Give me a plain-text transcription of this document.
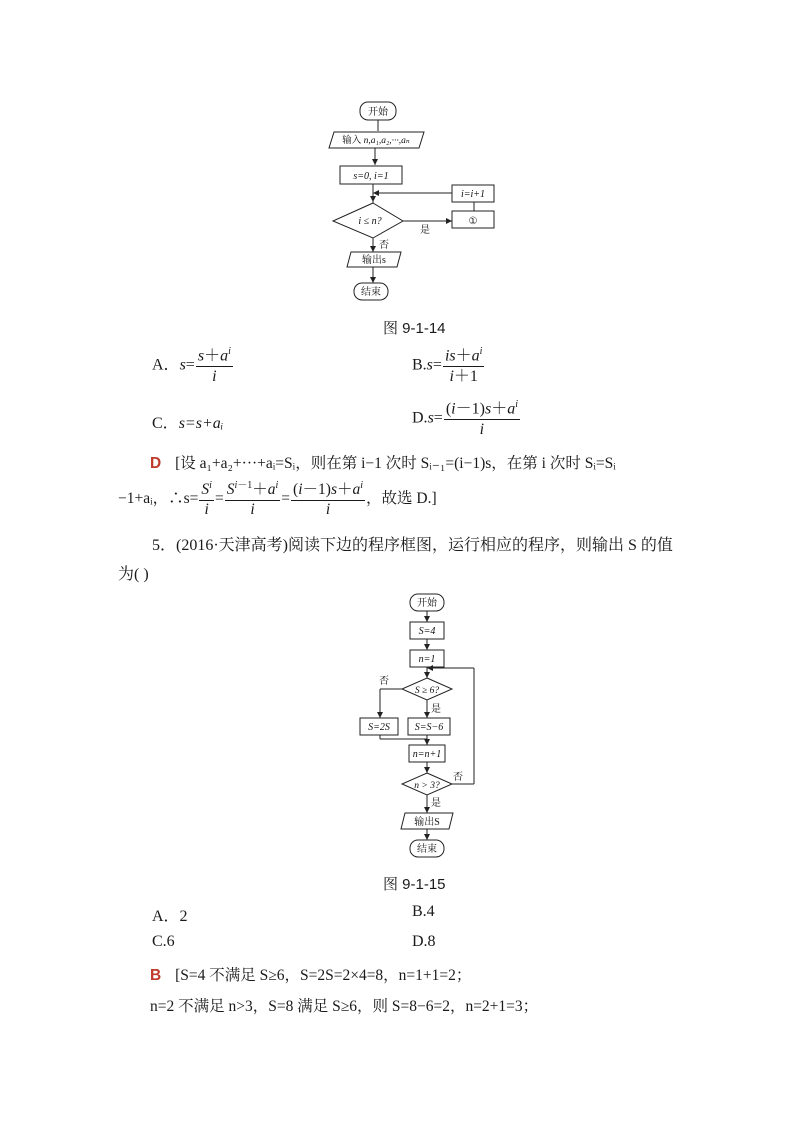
开始
输入 n,a₁,a₂,···,aₙ
s=0, i=1
i ≤ n?
是
否
①
i=i+1
输出s
结束
图 9-1-14
A．$s= \frac{s+a^i}{i}$	$B.s= \frac{is+a^i}{i+1}$
C．s=s+aᵢ	$D.s= \frac{(i-1)s+a^i}{i}$
D [设 a₁+a₂+···+aᵢ=Sᵢ，则在第 i−1 次时 Sᵢ₋₁=(i−1)s，在第 i 次时 Sᵢ=Sᵢ
−1+aᵢ，∴s= $\frac{S^i}{i} = \frac{S^{i-1}+a^i}{i} = \frac{(i-1)s+a^i}{i}$ ，故选 D.]
5．(2016·天津高考)阅读下边的程序框图，运行相应的程序，则输出 S 的值
为( )
开始
S=4
n=1
S ≥ 6?
否
是
S=2S S=S−6
n=n+1
n > 3?
否
是
输出S
结束
图 9-1-15
A．2	B.4
C.6	D.8
B [S=4 不满足 S≥6，S=2S=2×4=8，n=1+1=2；
n=2 不满足 n>3，S=8 满足 S≥6，则 S=8−6=2，n=2+1=3；
